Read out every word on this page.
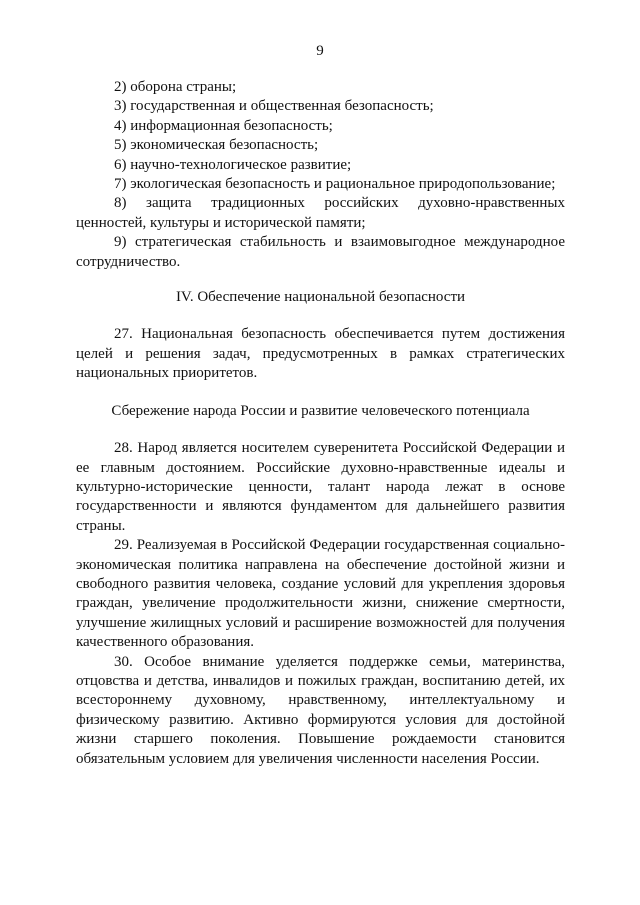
9

2) оборона страны;

3) государственная и общественная безопасность;

4) информационная безопасность;

5) экономическая безопасность;

6) научно-технологическое развитие;

7) экологическая безопасность и рациональное природопользование;

8) защита традиционных российских духовно-нравственных ценностей, культуры и исторической памяти;

9) стратегическая стабильность и взаимовыгодное международное сотрудничество.

IV. Обеспечение национальной безопасности

27. Национальная безопасность обеспечивается путем достижения целей и решения задач, предусмотренных в рамках стратегических национальных приоритетов.

Сбережение народа России и развитие человеческого потенциала

28. Народ является носителем суверенитета Российской Федерации и ее главным достоянием. Российские духовно-нравственные идеалы и культурно-исторические ценности, талант народа лежат в основе государственности и являются фундаментом для дальнейшего развития страны.

29. Реализуемая в Российской Федерации государственная социально-экономическая политика направлена на обеспечение достойной жизни и свободного развития человека, создание условий для укрепления здоровья граждан, увеличение продолжительности жизни, снижение смертности, улучшение жилищных условий и расширение возможностей для получения качественного образования.

30. Особое внимание уделяется поддержке семьи, материнства, отцовства и детства, инвалидов и пожилых граждан, воспитанию детей, их всестороннему духовному, нравственному, интеллектуальному и физическому развитию. Активно формируются условия для достойной жизни старшего поколения. Повышение рождаемости становится обязательным условием для увеличения численности населения России.
